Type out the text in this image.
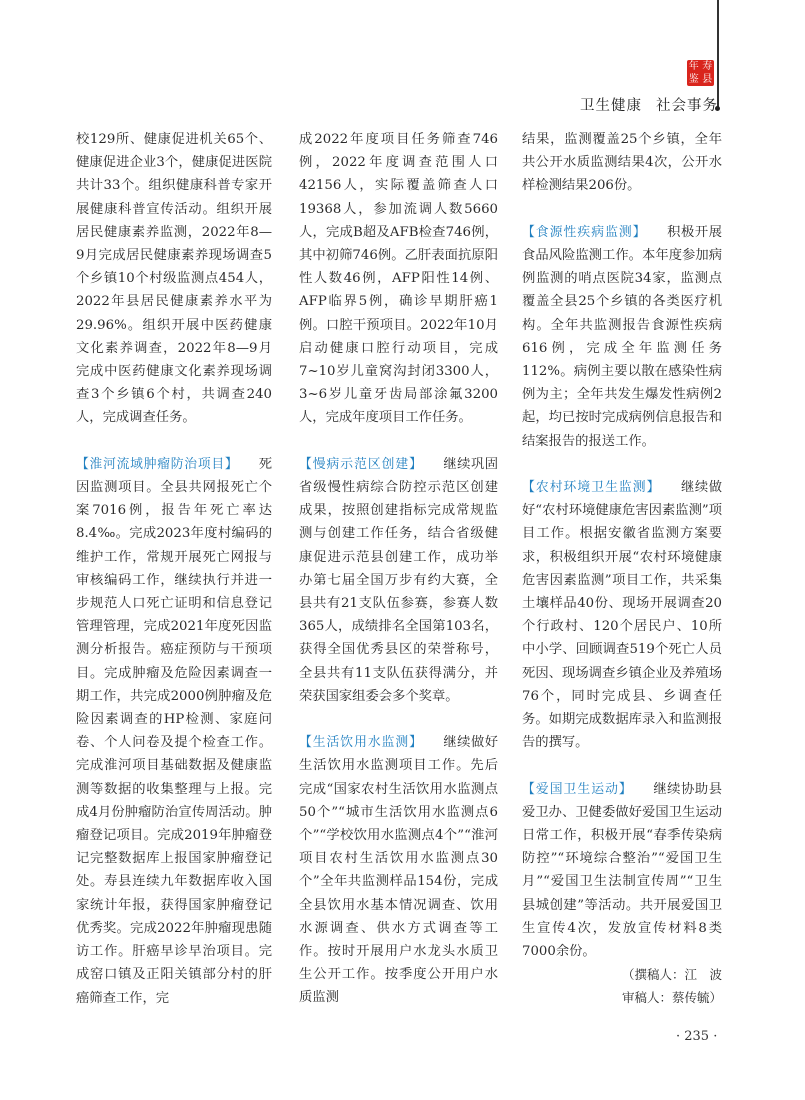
年 寿
鉴 县
卫生健康 社会事务

校129所、健康促进机关65个、健康促进企业3个，健康促进医院共计33个。组织健康科普专家开展健康科普宣传活动。组织开展居民健康素养监测，2022年8—9月完成居民健康素养现场调查5个乡镇10个村级监测点454人，2022年县居民健康素养水平为29.96%。组织开展中医药健康文化素养调查，2022年8—9月完成中医药健康文化素养现场调查3个乡镇6个村，共调查240人，完成调查任务。

【淮河流域肿瘤防治项目】 死因监测项目。全县共网报死亡个案7016例，报告年死亡率达8.4‰。完成2023年度村编码的维护工作，常规开展死亡网报与审核编码工作，继续执行并进一步规范人口死亡证明和信息登记管理管理，完成2021年度死因监测分析报告。癌症预防与干预项目。完成肿瘤及危险因素调查一期工作，共完成2000例肿瘤及危险因素调查的HP检测、家庭问卷、个人问卷及提个检查工作。完成淮河项目基础数据及健康监测等数据的收集整理与上报。完成4月份肿瘤防治宣传周活动。肿瘤登记项目。完成2019年肿瘤登记完整数据库上报国家肿瘤登记处。寿县连续九年数据库收入国家统计年报，获得国家肿瘤登记优秀奖。完成2022年肿瘤现患随访工作。肝癌早诊早治项目。完成窑口镇及正阳关镇部分村的肝癌筛查工作，完

成2022年度项目任务筛查746例，2022年度调查范围人口42156人，实际覆盖筛查人口19368人，参加流调人数5660人，完成B超及AFB检查746例，其中初筛746例。乙肝表面抗原阳性人数46例，AFP阳性14例、AFP临界5例，确诊早期肝癌1例。口腔干预项目。2022年10月启动健康口腔行动项目，完成7~10岁儿童窝沟封闭3300人，3~6岁儿童牙齿局部涂氟3200人，完成年度项目工作任务。

【慢病示范区创建】 继续巩固省级慢性病综合防控示范区创建成果，按照创建指标完成常规监测与创建工作任务，结合省级健康促进示范县创建工作，成功举办第七届全国万步有约大赛，全县共有21支队伍参赛，参赛人数365人，成绩排名全国第103名，获得全国优秀县区的荣誉称号，全县共有11支队伍获得满分，并荣获国家组委会多个奖章。

【生活饮用水监测】 继续做好生活饮用水监测项目工作。先后完成“国家农村生活饮用水监测点50个”“城市生活饮用水监测点6个”“学校饮用水监测点4个”“淮河项目农村生活饮用水监测点30个”全年共监测样品154份，完成全县饮用水基本情况调查、饮用水源调查、供水方式调查等工作。按时开展用户水龙头水质卫生公开工作。按季度公开用户水质监测

结果，监测覆盖25个乡镇，全年共公开水质监测结果4次，公开水样检测结果206份。

【食源性疾病监测】 积极开展食品风险监测工作。本年度参加病例监测的哨点医院34家，监测点覆盖全县25个乡镇的各类医疗机构。全年共监测报告食源性疾病616例，完成全年监测任务112%。病例主要以散在感染性病例为主；全年共发生爆发性病例2起，均已按时完成病例信息报告和结案报告的报送工作。

【农村环境卫生监测】 继续做好“农村环境健康危害因素监测”项目工作。根据安徽省监测方案要求，积极组织开展“农村环境健康危害因素监测”项目工作，共采集土壤样品40份、现场开展调查20个行政村、120个居民户、10所中小学、回顾调查519个死亡人员死因、现场调查乡镇企业及养殖场76个，同时完成县、乡调查任务。如期完成数据库录入和监测报告的撰写。

【爱国卫生运动】 继续协助县爱卫办、卫健委做好爱国卫生运动日常工作，积极开展“春季传染病防控”“环境综合整治”“爱国卫生月”“爱国卫生法制宣传周”“卫生县城创建”等活动。共开展爱国卫生宣传4次，发放宣传材料8类7000余份。

（撰稿人：江　波
审稿人：蔡传毓）
· 235 ·
